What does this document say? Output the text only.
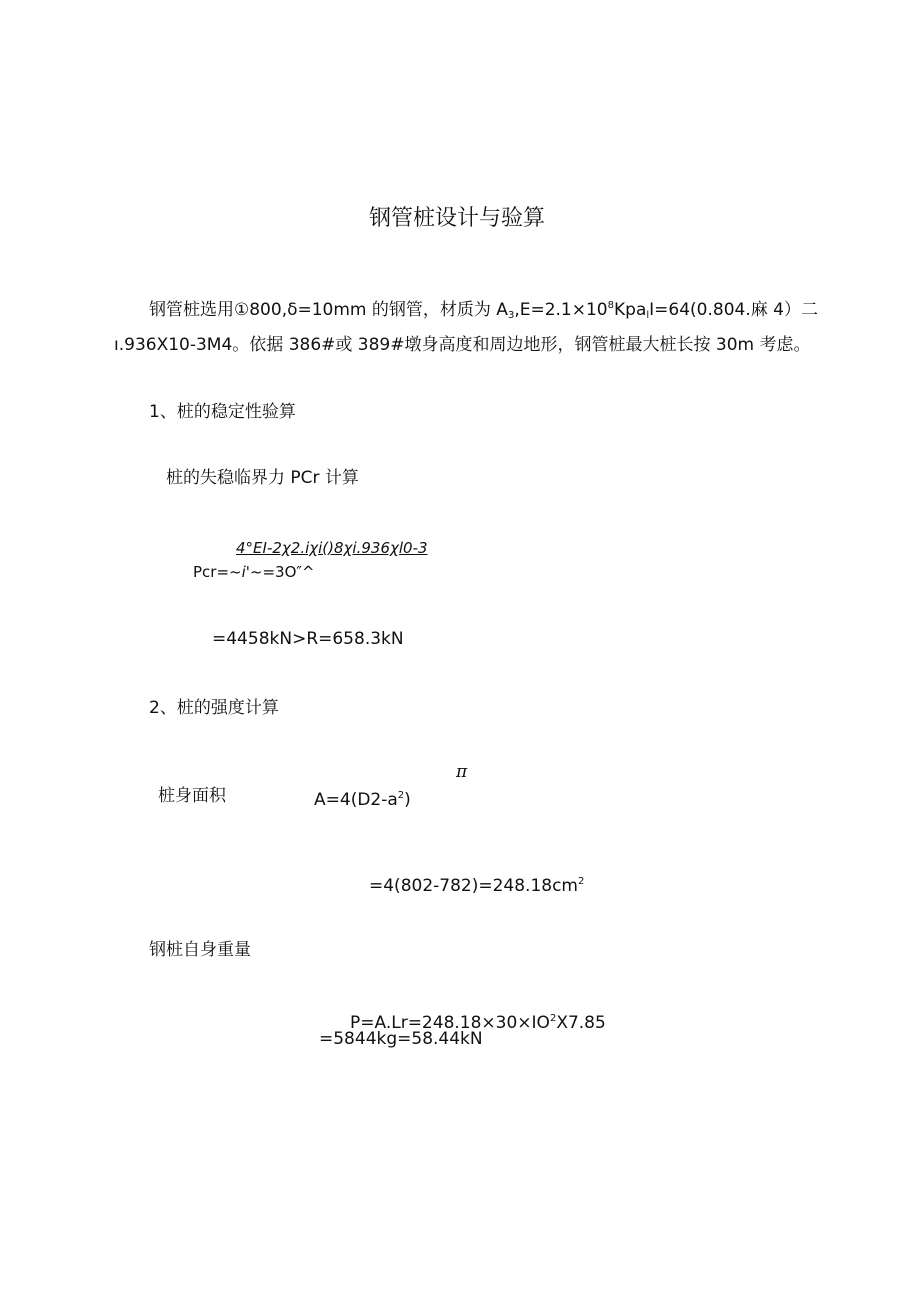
钢管桩设计与验算
钢管桩选用①800,δ=10mm 的钢管，材质为 $A_3,E=2.1\times 10^8Kpa_lI=64(0.804$.麻 4）二
ı.936X10-3M4。依据 386#或 389#墩身高度和周边地形，钢管桩最大桩长按 30m 考虑。
1、桩的稳定性验算
桩的失稳临界力 PCr 计算
4°EI-2χ2.iχi()8χi.936χl0-3
Pcr=~i'~=3O″^
=4458kN>R=658.3kN
2、桩的强度计算
π
桩身面积	$A=4(D2-a^2)$
$=4(802-782)=248.18cm^2$
钢桩自身重量
$P=A.Lr=248.18\times 30\times IO^2X7.85$
=5844kg=58.44kN
